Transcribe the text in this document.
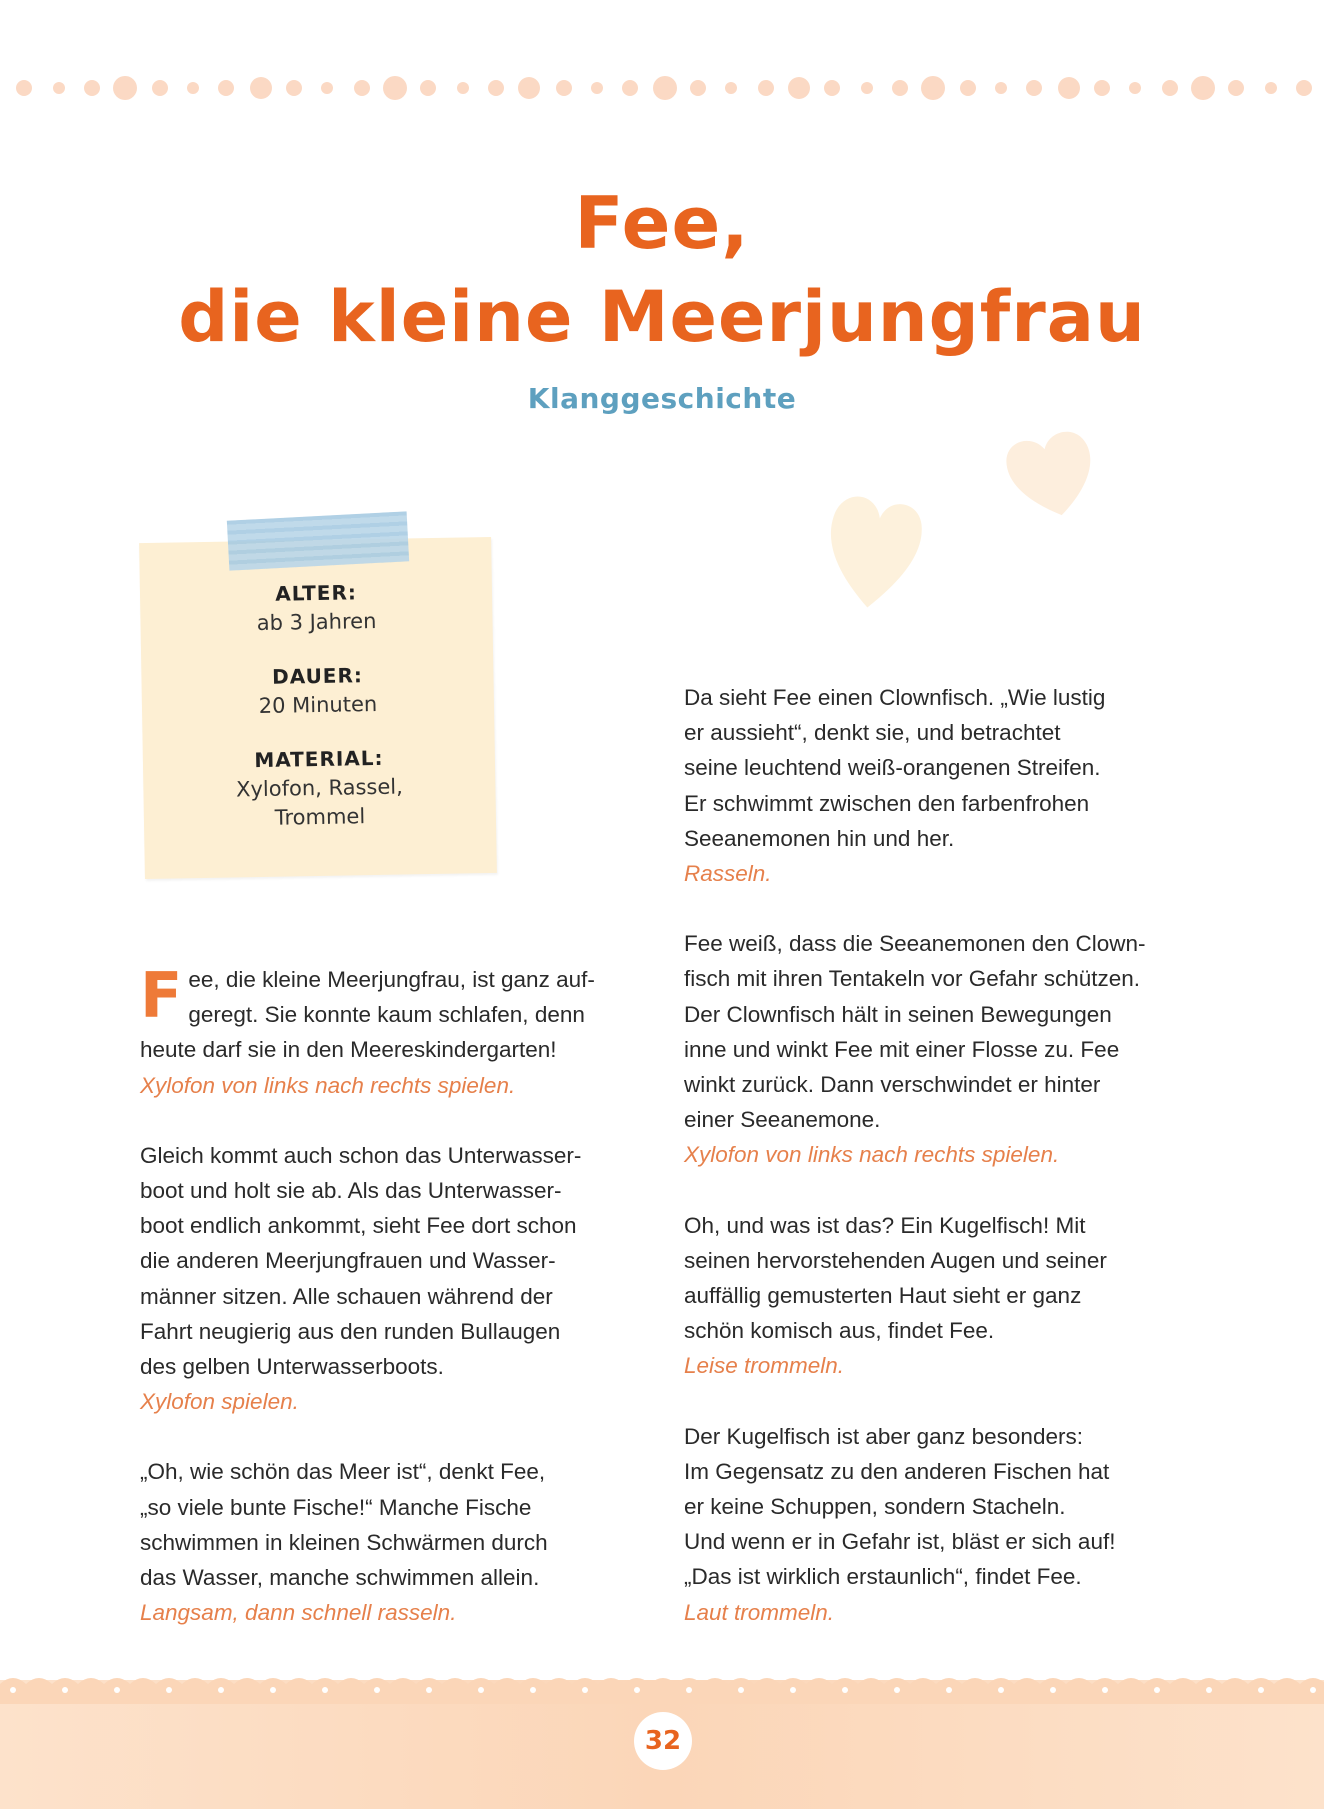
Fee,
die kleine Meerjungfrau
Klanggeschichte

ALTER:

ab 3 Jahren

DAUER:

20 Minuten

MATERIAL:

Xylofon, Rassel,
Trommel

F ee, die kleine Meerjungfrau, ist ganz auf-

geregt. Sie konnte kaum schlafen, denn

heute darf sie in den Meereskindergarten!

Xylofon von links nach rechts spielen.

Gleich kommt auch schon das Unterwasser-

boot und holt sie ab. Als das Unterwasser-

boot endlich ankommt, sieht Fee dort schon

die anderen Meerjungfrauen und Wasser-

männer sitzen. Alle schauen während der

Fahrt neugierig aus den runden Bullaugen

des gelben Unterwasserboots.

Xylofon spielen.

„Oh, wie schön das Meer ist“, denkt Fee,

„so viele bunte Fische!“ Manche Fische

schwimmen in kleinen Schwärmen durch

das Wasser, manche schwimmen allein.

Langsam, dann schnell rasseln.

Da sieht Fee einen Clownfisch. „Wie lustig

er aussieht“, denkt sie, und betrachtet

seine leuchtend weiß-orangenen Streifen.

Er schwimmt zwischen den farbenfrohen

Seeanemonen hin und her.

Rasseln.

Fee weiß, dass die Seeanemonen den Clown-

fisch mit ihren Tentakeln vor Gefahr schützen.

Der Clownfisch hält in seinen Bewegungen

inne und winkt Fee mit einer Flosse zu. Fee

winkt zurück. Dann verschwindet er hinter

einer Seeanemone.

Xylofon von links nach rechts spielen.

Oh, und was ist das? Ein Kugelfisch! Mit

seinen hervorstehenden Augen und seiner

auffällig gemusterten Haut sieht er ganz

schön komisch aus, findet Fee.

Leise trommeln.

Der Kugelfisch ist aber ganz besonders:

Im Gegensatz zu den anderen Fischen hat

er keine Schuppen, sondern Stacheln.

Und wenn er in Gefahr ist, bläst er sich auf!

„Das ist wirklich erstaunlich“, findet Fee.

Laut trommeln.

32
